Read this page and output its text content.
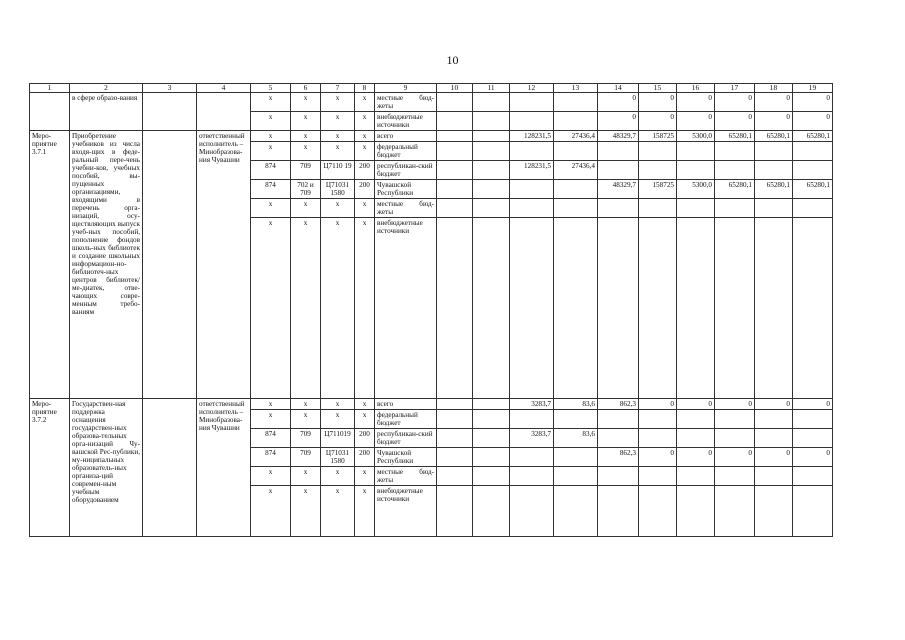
10
1	2	3	4	5	6	7	8	9	10	11	12	13	14	15	16	17	18	19
	в сфере образо-вания			x	x	x	x	местные бюд-жеты					0	0	0	0	0	0
				x	x	x	x	внебюджетные источники					0	0	0	0	0	0
Меро-приятие 3.7.1	Приобретение учебников из числа входя-щих в феде-ральный пере-чень учебни-ков, учебных пособий, вы-пущенных организациями, входящими в перечень орга-низаций, осу-ществляющих выпуск учеб-ных пособий, пополнение фондов школь-ных библиотек и создание школьных информацион-но-библиотеч-ных центров библиотек/ме-диатек, отве-чающих совре-менным требо-ваниям		ответственный исполнитель – Минобразова-ния Чувашии	x	x	x	x	всего			128231,5	27436,4	48329,7	158725	5300,0	65280,1	65280,1	65280,1
				x	x	x	x	федеральный бюджет										
				874	709	Ц7110 19	200	республикан-ский бюджет			128231,5	27436,4						
				874	702 и 709	Ц71031 1580	200	Чувашской Республики					48329,7	158725	5300,0	65280,1	65280,1	65280,1
				x	x	x	x	местные бюд-жеты										
				x	x	x	x	внебюджетные источники										
Меро-приятие 3.7.2	Государствен-ная поддержка оснащения государствен-ных образова-тельных орга-низаций Чу-вашской Рес-публики, му-ниципальных образователь-ных организа-ций современ-ным учебным оборудованием		ответственный исполнитель – Минобразова-ния Чувашии	x	x	x	x	всего			3283,7	83,6	862,3	0	0	0	0	0
				x	x	x	x	федеральный бюджет										
				874	709	Ц711019	200	республикан-ский бюджет			3283,7	83,6						
				874	709	Ц71031 1580	200	Чувашской Республики					862,3	0	0	0	0	0
				x	x	x	x	местные бюд-жеты										
				x	x	x	x	внебюджетные источники										
